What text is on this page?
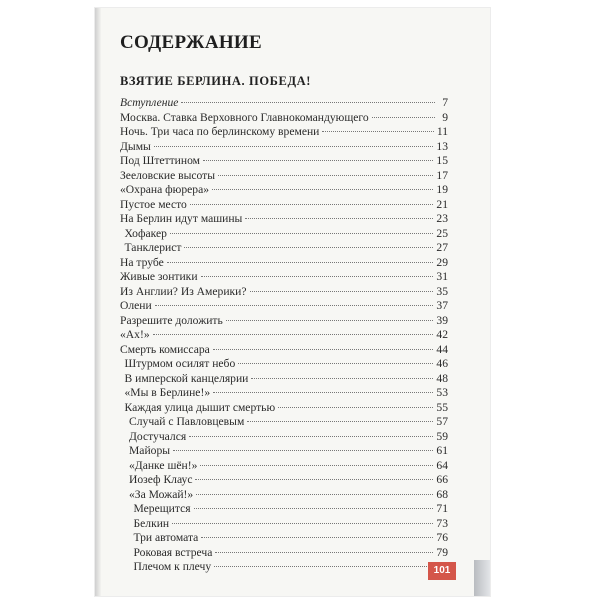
СОДЕРЖАНИЕ
ВЗЯТИЕ БЕРЛИНА. ПОБЕДА!
Вступление	7
Москва. Ставка Верховного Главнокомандующего	9
Ночь. Три часа по берлинскому времени	11
Дымы	13
Под Штеттином	15
Зееловские высоты	17
«Охрана фюрера»	19
Пустое место	21
На Берлин идут машины	23
Хофакер	25
Танклерист	27
На трубе	29
Живые зонтики	31
Из Англии? Из Америки?	35
Олени	37
Разрешите доложить	39
«Ах!»	42
Смерть комиссара	44
Штурмом осилят небо	46
В имперской канцелярии	48
«Мы в Берлине!»	53
Каждая улица дышит смертью	55
Случай с Павловцевым	57
Достучался	59
Майоры	61
«Данке шён!»	64
Иозеф Клаус	66
«За Можай!»	68
Мерещится	71
Белкин	73
Три автомата	76
Роковая встреча	79
Плечом к плечу	101
